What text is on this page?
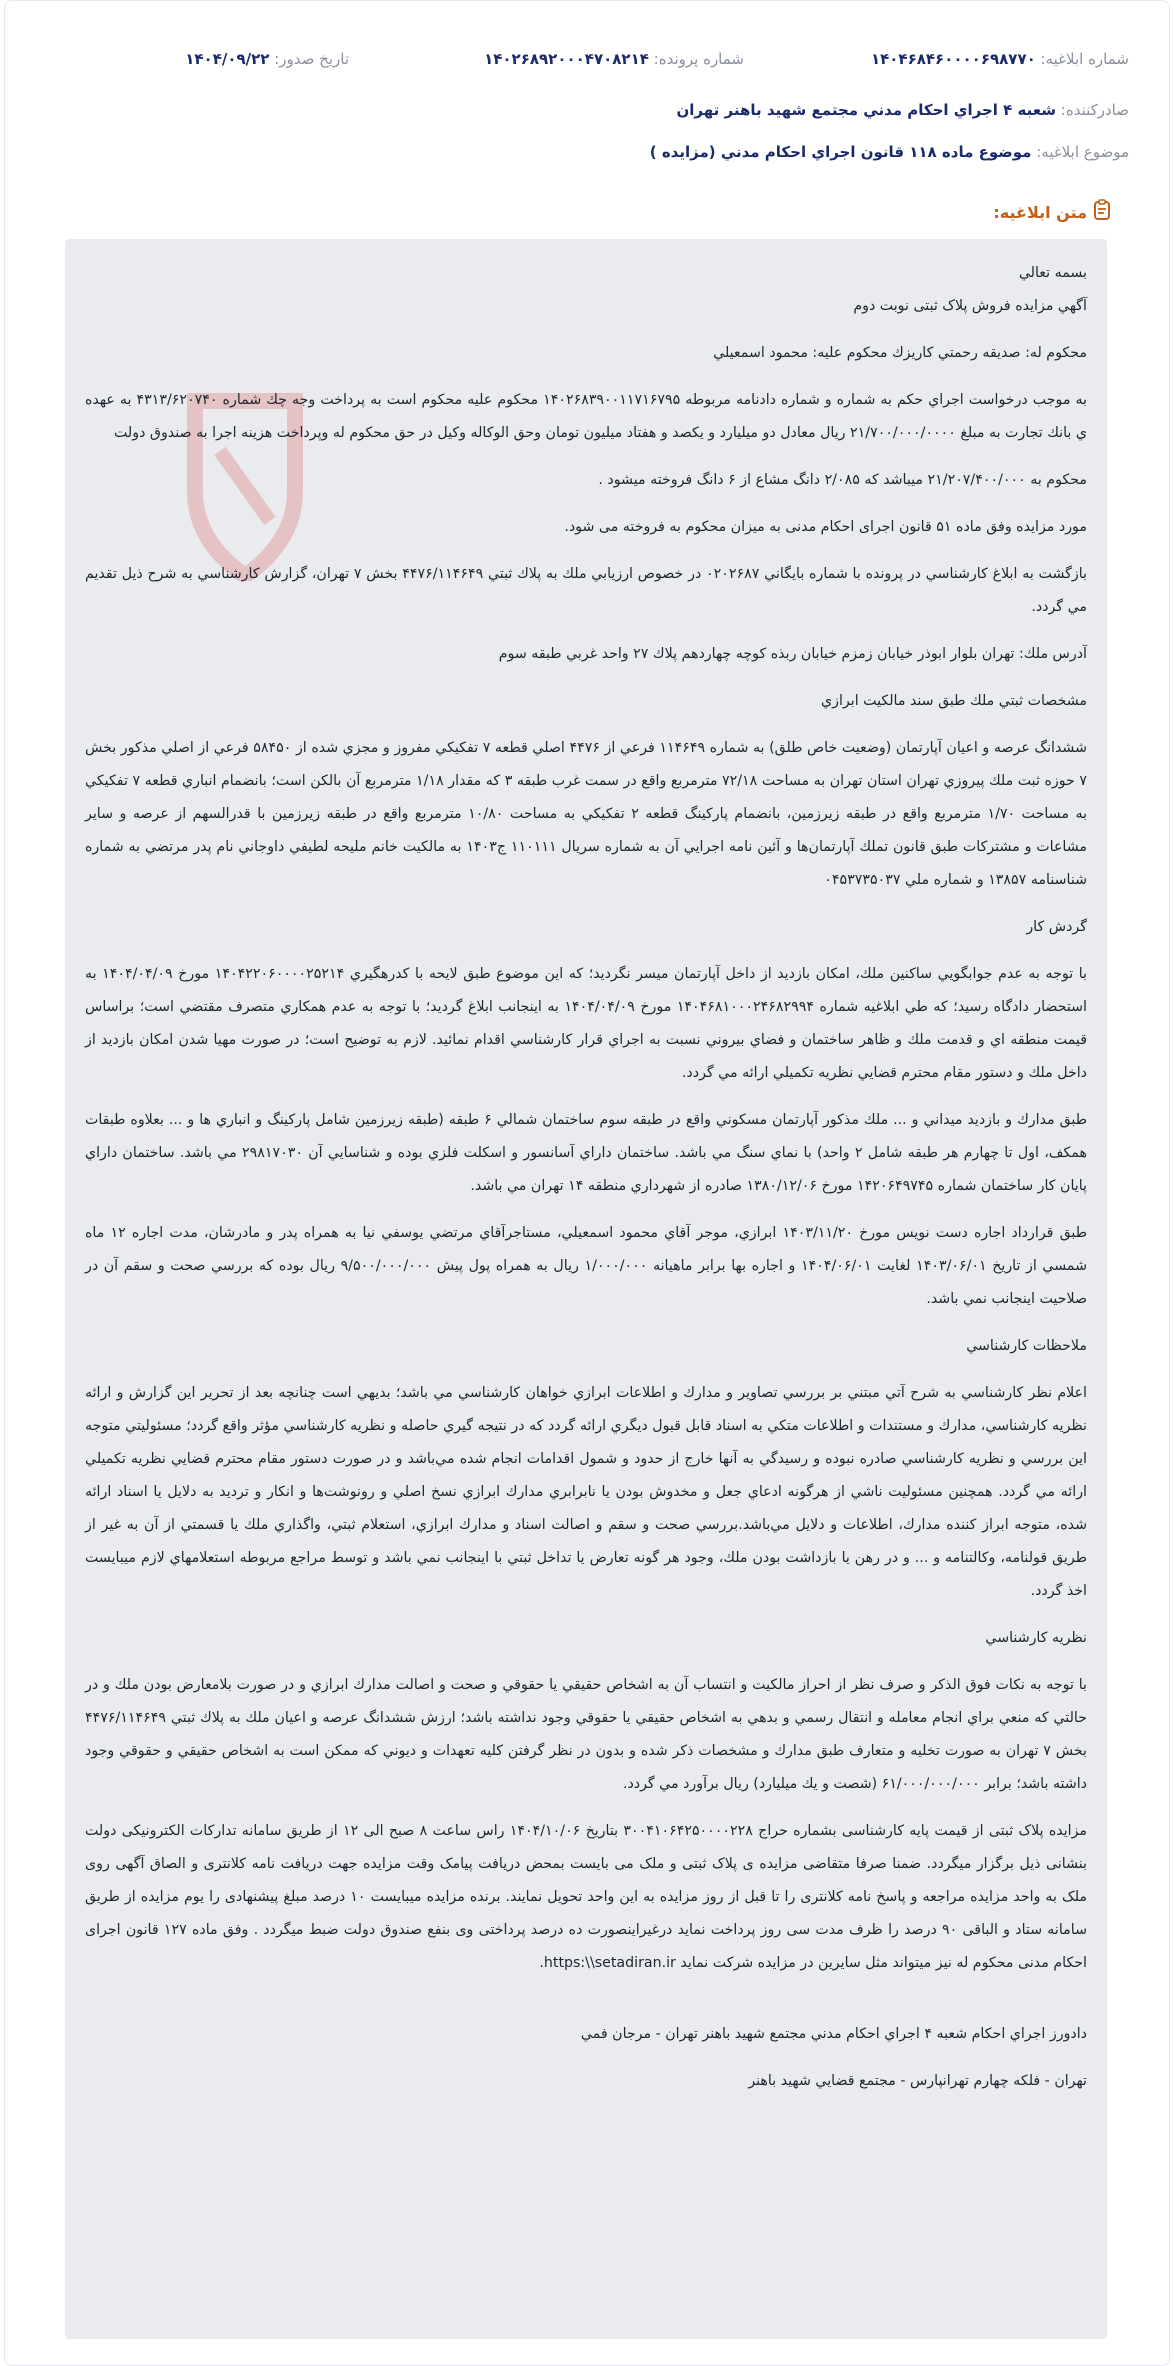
شماره ابلاغیه: ۱۴۰۴۶۸۴۶۰۰۰۰۶۹۸۷۷۰
شماره پرونده: ۱۴۰۲۶۸۹۲۰۰۰۴۷۰۸۲۱۴
تاریخ صدور: ۱۴۰۴/۰۹/۲۲
صادرکننده:

شعبه ۴ اجراي احكام مدني مجتمع شهيد باهنر تهران
موضوع ابلاغیه:

موضوع ماده ۱۱۸ قانون اجراي احكام مدني (مزايده )
متن ابلاغیه:

بسمه تعالي

آگهي مزايده فروش پلاک ثبتی نوبت دوم

محكوم له: صديقه رحمتي كاريزك محكوم عليه: محمود اسمعيلي

به موجب درخواست اجراي حكم به شماره و شماره دادنامه مربوطه ۱۴۰۲۶۸۳۹۰۰۱۱۷۱۶۷۹۵ محكوم عليه محكوم است به پرداخت وجه چك شماره ۴۳۱۳/۶۲۰۷۴۰ به عهده ي بانك تجارت به مبلغ ۲۱/۷۰۰/۰۰۰/۰۰۰۰ ريال معادل دو ميليارد و يكصد و هفتاد ميليون تومان وحق الوكاله وكيل در حق محكوم له وپرداخت هزينه اجرا به صندوق دولت

محكوم به ۲۱/۲۰۷/۴۰۰/۰۰۰ ميباشد كه ۲/۰۸۵ دانگ مشاع از ۶ دانگ فروخته ميشود .

مورد مزايده وفق ماده ۵۱ قانون اجرای احکام مدنی به میزان محکوم به فروخته می شود.

بازگشت به ابلاغ كارشناسي در پرونده با شماره بايگاني ۰۲۰۲۶۸۷ در خصوص ارزيابي ملك به پلاك ثبتي ۴۴۷۶/۱۱۴۶۴۹ بخش ۷ تهران، گزارش كارشناسي به شرح ذيل تقديم مي گردد.

آدرس ملك: تهران بلوار ابوذر خيابان زمزم خيابان ربذه كوچه چهاردهم پلاك ۲۷ واحد غربي طبقه سوم

مشخصات ثبتي ملك طبق سند مالكيت ابرازي

ششدانگ عرصه و اعيان آپارتمان (وضعيت خاص طلق) به شماره ۱۱۴۶۴۹ فرعي از ۴۴۷۶ اصلي قطعه ۷ تفكيكي مفروز و مجزي شده از ۵۸۴۵۰ فرعي از اصلي مذكور بخش ۷ حوزه ثبت ملك پيروزي تهران استان تهران به مساحت ۷۲/۱۸ مترمربع واقع در سمت غرب طبقه ۳ كه مقدار ۱/۱۸ مترمربع آن بالكن است؛ بانضمام انباري قطعه ۷ تفكيكي به مساحت ۱/۷۰ مترمربع واقع در طبقه زيرزمين، بانضمام پاركينگ قطعه ۲ تفكيكي به مساحت ۱۰/۸۰ مترمربع واقع در طبقه زيرزمين با قدرالسهم از عرصه و ساير مشاعات و مشتركات طبق قانون تملك آپارتمان‌ها و آئين نامه اجرايي آن به شماره سريال ۱۱۰۱۱۱ ج۱۴۰۳ به مالكيت خانم مليحه لطيفي داوجاني نام پدر مرتضي به شماره شناسنامه ۱۳۸۵۷ و شماره ملي ۰۴۵۳۷۳۵۰۳۷

گردش كار

با توجه به عدم جوابگويي ساكنين ملك، امكان بازديد از داخل آپارتمان ميسر نگرديد؛ كه اين موضوع طبق لايحه با كدرهگيري ۱۴۰۴۲۲۰۶۰۰۰۰۲۵۲۱۴ مورخ ۱۴۰۴/۰۴/۰۹ به استحضار دادگاه رسيد؛ كه طي ابلاغيه شماره ۱۴۰۴۶۸۱۰۰۰۲۴۶۸۲۹۹۴ مورخ ۱۴۰۴/۰۴/۰۹ به اينجانب ابلاغ گرديد؛ با توجه به عدم همكاري متصرف مقتضي است؛ براساس قيمت منطقه اي و قدمت ملك و ظاهر ساختمان و فضاي بيروني نسبت به اجراي قرار كارشناسي اقدام نمائيد. لازم به توضيح است؛ در صورت مهيا شدن امكان بازديد از داخل ملك و دستور مقام محترم قضايي نظريه تكميلي ارائه مي گردد.

طبق مدارك و بازديد ميداني و ... ملك مذكور آپارتمان مسكوني واقع در طبقه سوم ساختمان شمالي ۶ طبقه (طبقه زيرزمين شامل پاركينگ و انباري ها و ... بعلاوه طبقات همكف، اول تا چهارم هر طبقه شامل ۲ واحد) با نماي سنگ مي باشد. ساختمان داراي آسانسور و اسكلت فلزي بوده و شناسايي آن ۲۹۸۱۷۰۳۰ مي باشد. ساختمان داراي پايان كار ساختمان شماره ۱۴۲۰۶۴۹۷۴۵ مورخ ۱۳۸۰/۱۲/۰۶ صادره از شهرداري منطقه ۱۴ تهران مي باشد.

طبق قرارداد اجاره دست نويس مورخ ۱۴۰۳/۱۱/۲۰ ابرازي، موجر آقاي محمود اسمعيلي، مستاجرآقاي مرتضي يوسفي نيا به همراه پدر و مادرشان، مدت اجاره ۱۲ ماه شمسي از تاريخ ۱۴۰۳/۰۶/۰۱ لغايت ۱۴۰۴/۰۶/۰۱ و اجاره بها برابر ماهيانه ۱/۰۰۰/۰۰۰ ريال به همراه پول پيش ۹/۵۰۰/۰۰۰/۰۰۰ ريال بوده كه بررسي صحت و سقم آن در صلاحيت اينجانب نمي باشد.

ملاحظات كارشناسي

اعلام نظر كارشناسي به شرح آتي مبتني بر بررسي تصاوير و مدارك و اطلاعات ابرازي خواهان كارشناسي مي باشد؛ بديهي است چنانچه بعد از تحرير اين گزارش و ارائه نظريه كارشناسي، مدارك و مستندات و اطلاعات متكي به اسناد قابل قبول ديگري ارائه گردد كه در نتيجه گيري حاصله و نظريه كارشناسي مؤثر واقع گردد؛ مسئوليتي متوجه اين بررسي و نظريه كارشناسي صادره نبوده و رسيدگي به آنها خارج از حدود و شمول اقدامات انجام شده مي‌باشد و در صورت دستور مقام محترم قضايي نظريه تكميلي ارائه مي گردد. همچنين مسئوليت ناشي از هرگونه ادعاي جعل و مخدوش بودن يا نابرابري مدارك ابرازي نسخ اصلي و رونوشت‌ها و انكار و ترديد به دلايل يا اسناد ارائه شده، متوجه ابراز كننده مدارك، اطلاعات و دلايل مي‌باشد.بررسي صحت و سقم و اصالت اسناد و مدارك ابرازي، استعلام ثبتي، واگذاري ملك يا قسمتي از آن به غير از طريق قولنامه، وكالتنامه و ... و در رهن يا بازداشت بودن ملك، وجود هر گونه تعارض يا تداخل ثبتي با اينجانب نمي باشد و توسط مراجع مربوطه استعلامهاي لازم ميبايست اخذ گردد.

نظريه كارشناسي

با توجه به نكات فوق الذكر و صرف نظر از احراز مالكيت و انتساب آن به اشخاص حقيقي يا حقوقي و صحت و اصالت مدارك ابرازي و در صورت بلامعارض بودن ملك و در حالتي كه منعي براي انجام معامله و انتقال رسمي و بدهي به اشخاص حقيقي يا حقوقي وجود نداشته باشد؛ ارزش ششدانگ عرصه و اعيان ملك به پلاك ثبتي ۴۴۷۶/۱۱۴۶۴۹ بخش ۷ تهران به صورت تخليه و متعارف طبق مدارك و مشخصات ذكر شده و بدون در نظر گرفتن كليه تعهدات و ديوني كه ممكن است به اشخاص حقيقي و حقوقي وجود داشته باشد؛ برابر ۶۱/۰۰۰/۰۰۰/۰۰۰ (شصت و يك ميليارد) ريال برآورد مي گردد.

مزایده پلاک ثبتی از قیمت پایه کارشناسی بشماره حراج ۳۰۰۴۱۰۶۴۲۵۰۰۰۰۲۲۸ بتاریخ ۱۴۰۴/۱۰/۰۶ راس ساعت ۸ صبح الی ۱۲ از طریق سامانه تدارکات الکترونیکی دولت بنشانی ذیل برگزار میگردد. ضمنا صرفا متقاضی مزایده ی پلاک ثبتی و ملک می بایست بمحض دریافت پیامک وقت مزایده جهت دریافت نامه کلانتری و الصاق آگهی روی ملک به واحد مزایده مراجعه و پاسخ نامه کلانتری را تا قبل از روز مزایده به این واحد تحویل نمایند. برنده مزایده میبایست ۱۰ درصد مبلغ پیشنهادی را یوم مزایده از طریق سامانه ستاد و الباقی ۹۰ درصد را ظرف مدت سی روز پرداخت نماید درغیراینصورت ده درصد پرداختی وی بنفع صندوق دولت ضبط میگردد . وفق ماده ۱۲۷ قانون اجرای احکام مدنی محکوم له نیز میتواند مثل سایرین در مزایده شرکت نماید https:\\setadiran.ir.

دادورز اجراي احكام شعبه ۴ اجراي احكام مدني مجتمع شهيد باهنر تهران - مرجان فمي

تهران - فلكه چهارم تهرانپارس - مجتمع قضايي شهيد باهنر
